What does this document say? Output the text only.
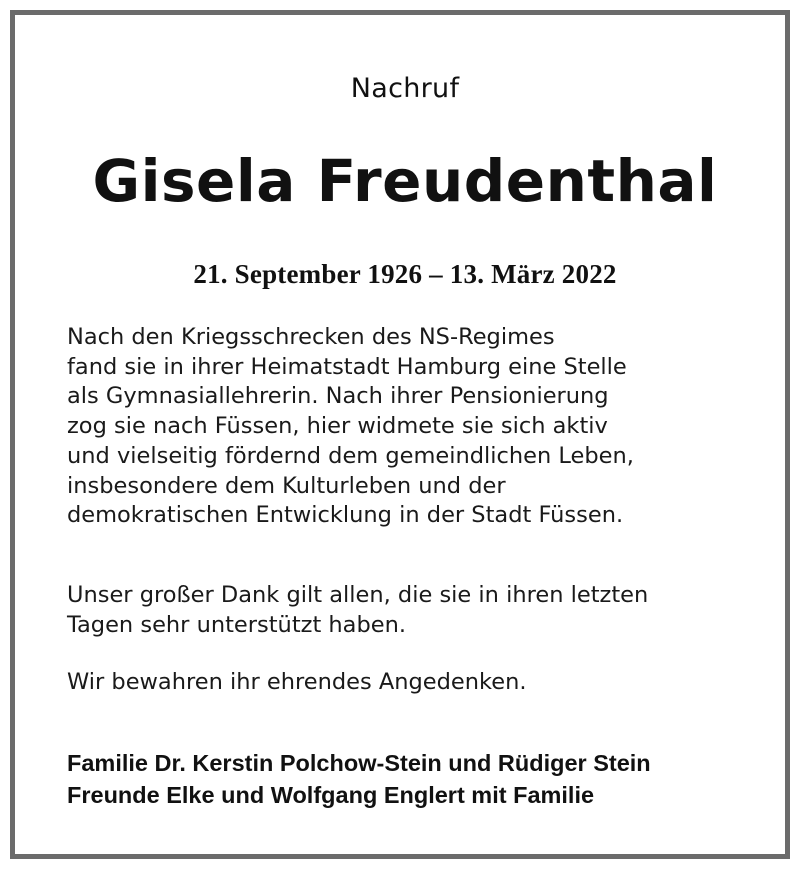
Nachruf
Gisela Freudenthal
21. September 1926 – 13. März 2022
Nach den Kriegsschrecken des NS-Regimes
fand sie in ihrer Heimatstadt Hamburg eine Stelle
als Gymnasiallehrerin. Nach ihrer Pensionierung
zog sie nach Füssen, hier widmete sie sich aktiv
und vielseitig fördernd dem gemeindlichen Leben,
insbesondere dem Kulturleben und der
demokratischen Entwicklung in der Stadt Füssen.
Unser großer Dank gilt allen, die sie in ihren letzten
Tagen sehr unterstützt haben.
Wir bewahren ihr ehrendes Angedenken.
Familie Dr. Kerstin Polchow-Stein und Rüdiger Stein
Freunde Elke und Wolfgang Englert mit Familie
